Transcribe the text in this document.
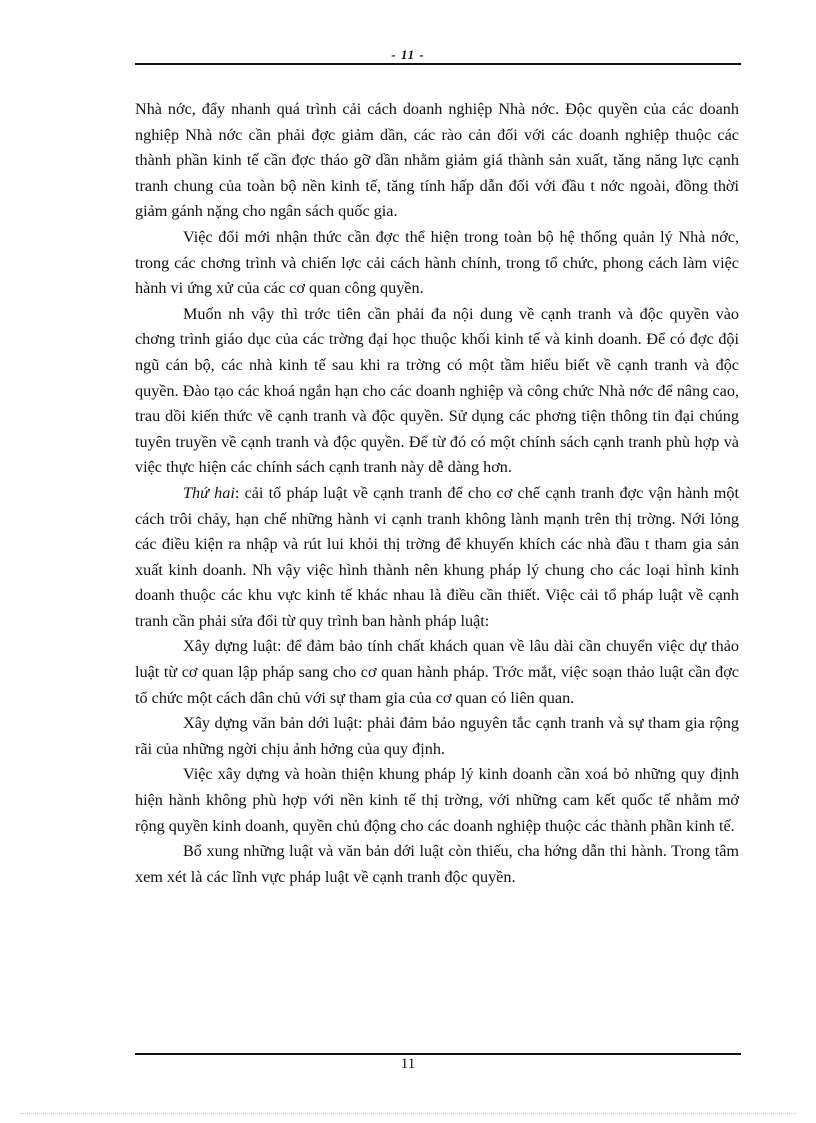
- 11 -

Nhà nớc, đẩy nhanh quá trình cải cách doanh nghiệp Nhà nớc. Độc quyền của các doanh nghiệp Nhà nớc cần phải đợc giảm dần, các rào cản đối với các doanh nghiệp thuộc các thành phần kinh tế cần đợc tháo gỡ dần nhằm giảm giá thành sản xuất, tăng năng lực cạnh tranh chung của toàn bộ nền kinh tế, tăng tính hấp dẫn đối với đầu t nớc ngoài, đồng thời giảm gánh nặng cho ngân sách quốc gia.

Việc đổi mới nhận thức cần đợc thể hiện trong toàn bộ hệ thống quản lý Nhà nớc, trong các chơng trình và chiến lợc cải cách hành chính, trong tổ chức, phong cách làm việc hành vi ứng xử của các cơ quan công quyền.

Muốn nh vậy thì trớc tiên cần phải đa nội dung về cạnh tranh và độc quyền vào chơng trình giáo dục của các trờng đại học thuộc khối kinh tế và kinh doanh. Để có đợc đội ngũ cán bộ, các nhà kinh tế sau khi ra trờng có một tầm hiểu biết về cạnh tranh và độc quyền. Đào tạo các khoá ngắn hạn cho các doanh nghiệp và công chức Nhà nớc để nâng cao, trau dồi kiến thức về cạnh tranh và độc quyền. Sử dụng các phơng tiện thông tin đại chúng tuyên truyền về cạnh tranh và độc quyền. Để từ đó có một chính sách cạnh tranh phù hợp và việc thực hiện các chính sách cạnh tranh này dễ dàng hơn.

Thứ hai: cải tổ pháp luật về cạnh tranh để cho cơ chế cạnh tranh đợc vận hành một cách trôi chảy, hạn chế những hành vi cạnh tranh không lành mạnh trên thị trờng. Nới lỏng các điều kiện ra nhập và rút lui khỏi thị trờng để khuyến khích các nhà đầu t tham gia sản xuất kinh doanh. Nh vậy việc hình thành nên khung pháp lý chung cho các loại hình kinh doanh thuộc các khu vực kinh tế khác nhau là điều cần thiết. Việc cải tổ pháp luật về cạnh tranh cần phải sửa đổi từ quy trình ban hành pháp luật:

Xây dựng luật: để đảm bảo tính chất khách quan về lâu dài cần chuyển việc dự thảo luật từ cơ quan lập pháp sang cho cơ quan hành pháp. Trớc mắt, việc soạn thảo luật cần đợc tổ chức một cách dân chủ với sự tham gia của cơ quan có liên quan.

Xây dựng văn bản dới luật: phải đảm bảo nguyên tắc cạnh tranh và sự tham gia rộng rãi của những ngời chịu ảnh hởng của quy định.

Việc xây dựng và hoàn thiện khung pháp lý kinh doanh cần xoá bỏ những quy định hiện hành không phù hợp với nền kinh tế thị trờng, với những cam kết quốc tế nhằm mở rộng quyền kinh doanh, quyền chủ động cho các doanh nghiệp thuộc các thành phần kinh tế.

Bổ xung những luật và văn bản dới luật còn thiếu, cha hớng dẫn thi hành. Trong tâm xem xét là các lĩnh vực pháp luật về cạnh tranh độc quyền.

11
